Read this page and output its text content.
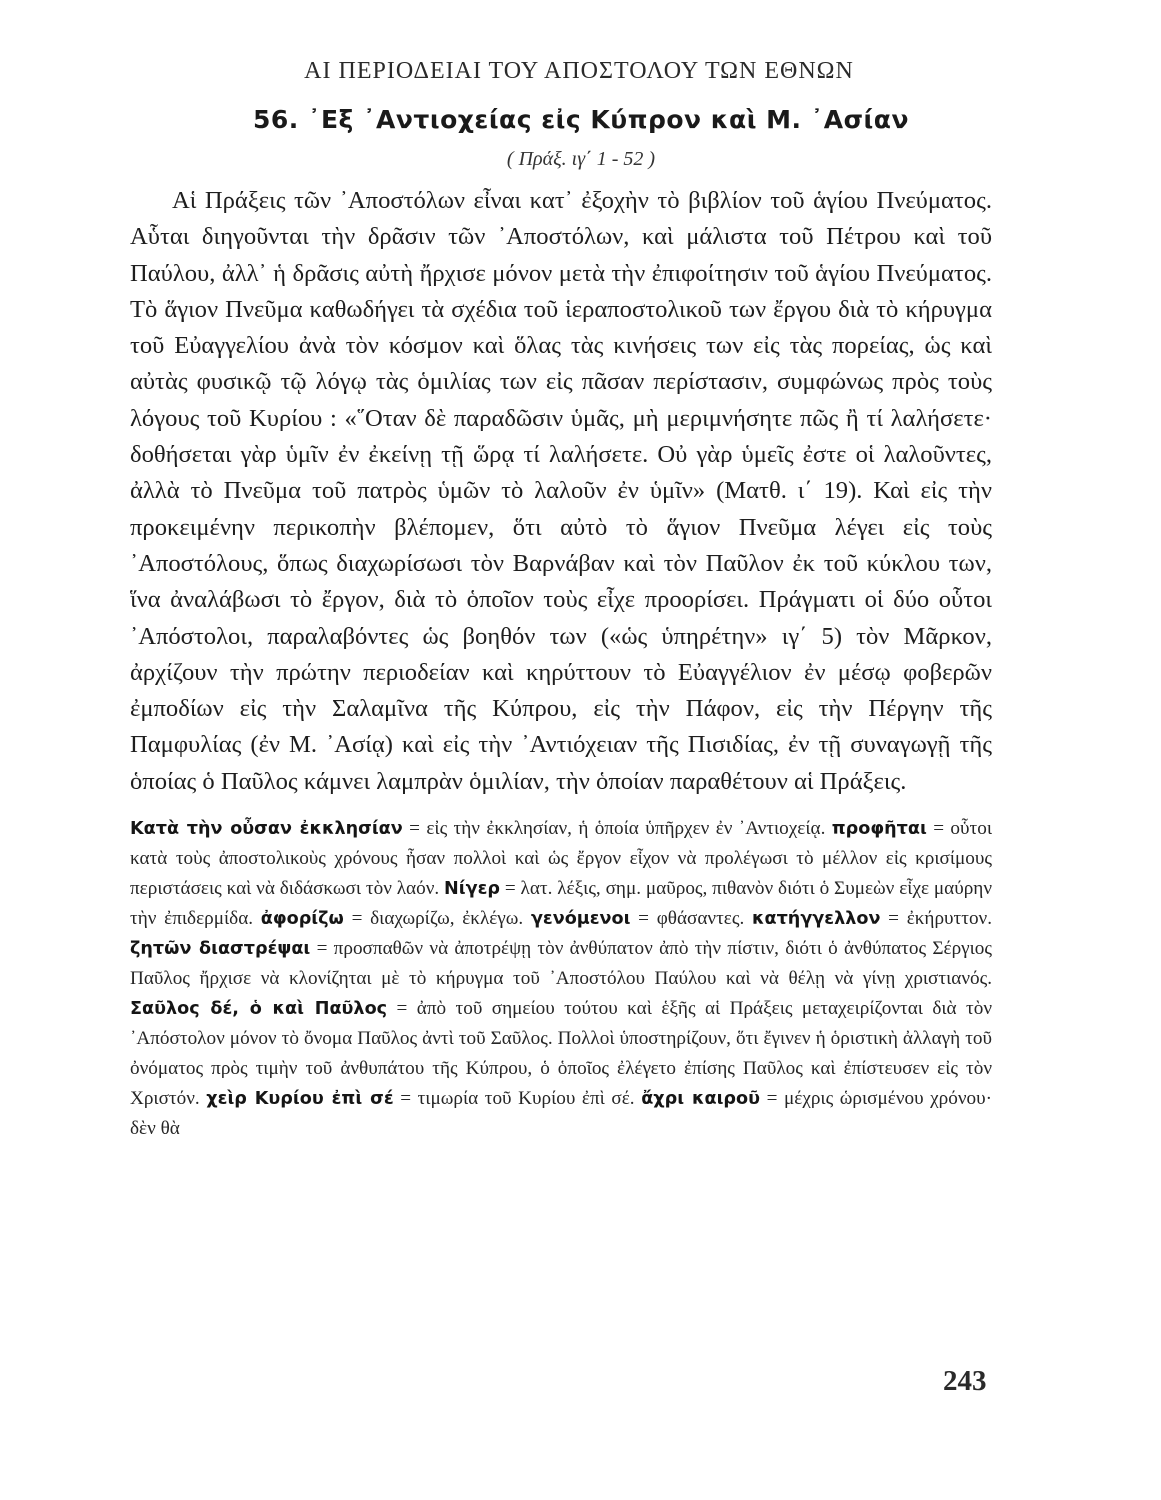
ΑΙ ΠΕΡΙΟΔΕΙΑΙ ΤΟΥ ΑΠΟΣΤΟΛΟΥ ΤΩΝ ΕΘΝΩΝ
56. ᾿Εξ ᾿Αντιοχείας εἰς Κύπρον καὶ Μ. ᾿Ασίαν
( Πράξ. ιγ΄ 1 - 52 )

Αἱ Πράξεις τῶν ᾿Αποστόλων εἶναι κατ᾿ ἐξοχὴν τὸ βιβλίον τοῦ ἁγίου Πνεύματος. Αὗται διηγοῦνται τὴν δρᾶσιν τῶν ᾿Αποστόλων, καὶ μάλιστα τοῦ Πέτρου καὶ τοῦ Παύλου, ἀλλ᾿ ἡ δρᾶσις αὐτὴ ἤρχισε μόνον μετὰ τὴν ἐπιφοίτησιν τοῦ ἁγίου Πνεύματος. Τὸ ἅγιον Πνεῦμα καθωδήγει τὰ σχέδια τοῦ ἱεραποστολικοῦ των ἔργου διὰ τὸ κήρυγμα τοῦ Εὐαγγελίου ἀνὰ τὸν κόσμον καὶ ὅλας τὰς κινήσεις των εἰς τὰς πορείας, ὡς καὶ αὐτὰς φυσικῷ τῷ λόγῳ τὰς ὁμιλίας των εἰς πᾶσαν περίστασιν, συμφώνως πρὸς τοὺς λόγους τοῦ Κυρίου : «῞Οταν δὲ παραδῶσιν ὑμᾶς, μὴ μεριμνήσητε πῶς ἢ τί λαλήσετε· δοθήσεται γὰρ ὑμῖν ἐν ἐκείνῃ τῇ ὥρᾳ τί λαλήσετε. Οὐ γὰρ ὑμεῖς ἐστε οἱ λαλοῦντες, ἀλλὰ τὸ Πνεῦμα τοῦ πατρὸς ὑμῶν τὸ λαλοῦν ἐν ὑμῖν» (Ματθ. ι΄ 19). Καὶ εἰς τὴν προκειμένην περικοπὴν βλέπομεν, ὅτι αὐτὸ τὸ ἅγιον Πνεῦμα λέγει εἰς τοὺς ᾿Αποστόλους, ὅπως διαχωρίσωσι τὸν Βαρνάβαν καὶ τὸν Παῦλον ἐκ τοῦ κύκλου των, ἵνα ἀναλάβωσι τὸ ἔργον, διὰ τὸ ὁποῖον τοὺς εἶχε προορίσει. Πράγματι οἱ δύο οὗτοι ᾿Απόστολοι, παραλαβόντες ὡς βοηθόν των («ὡς ὑπηρέτην» ιγ΄ 5) τὸν Μᾶρκον, ἀρχίζουν τὴν πρώτην περιοδείαν καὶ κηρύττουν τὸ Εὐαγγέλιον ἐν μέσῳ φοβερῶν ἐμποδίων εἰς τὴν Σαλαμῖνα τῆς Κύπρου, εἰς τὴν Πάφον, εἰς τὴν Πέργην τῆς Παμφυλίας (ἐν Μ. ᾿Ασίᾳ) καὶ εἰς τὴν ᾿Αντιόχειαν τῆς Πισιδίας, ἐν τῇ συναγωγῇ τῆς ὁποίας ὁ Παῦλος κάμνει λαμπρὰν ὁμιλίαν, τὴν ὁποίαν παραθέτουν αἱ Πράξεις.

Κατὰ τὴν οὖσαν ἐκκλησίαν = εἰς τὴν ἐκκλησίαν, ἡ ὁποία ὑπῆρχεν ἐν ᾿Αντιοχείᾳ. προφῆται = οὗτοι κατὰ τοὺς ἀποστολικοὺς χρόνους ἦσαν πολλοὶ καὶ ὡς ἔργον εἶχον νὰ προλέγωσι τὸ μέλλον εἰς κρισίμους περιστάσεις καὶ νὰ διδάσκωσι τὸν λαόν. Νίγερ = λατ. λέξις, σημ. μαῦρος, πιθανὸν διότι ὁ Συμεὼν εἶχε μαύρην τὴν ἐπιδερμίδα. ἀφορίζω = διαχωρίζω, ἐκλέγω. γενόμενοι = φθάσαντες. κατήγγελλον = ἐκήρυττον. ζητῶν διαστρέψαι = προσπαθῶν νὰ ἀποτρέψῃ τὸν ἀνθύπατον ἀπὸ τὴν πίστιν, διότι ὁ ἀνθύπατος Σέργιος Παῦλος ἤρχισε νὰ κλονίζηται μὲ τὸ κήρυγμα τοῦ ᾿Αποστόλου Παύλου καὶ νὰ θέλῃ νὰ γίνῃ χριστιανός. Σαῦλος δέ, ὁ καὶ Παῦλος = ἀπὸ τοῦ σημείου τούτου καὶ ἑξῆς αἱ Πράξεις μεταχειρίζονται διὰ τὸν ᾿Απόστολον μόνον τὸ ὄνομα Παῦλος ἀντὶ τοῦ Σαῦλος. Πολλοὶ ὑποστηρίζουν, ὅτι ἔγινεν ἡ ὁριστικὴ ἀλλαγὴ τοῦ ὀνόματος πρὸς τιμὴν τοῦ ἀνθυπάτου τῆς Κύπρου, ὁ ὁποῖος ἐλέγετο ἐπίσης Παῦλος καὶ ἐπίστευσεν εἰς τὸν Χριστόν. χεὶρ Κυρίου ἐπὶ σέ = τιμωρία τοῦ Κυρίου ἐπὶ σέ. ἄχρι καιροῦ = μέχρις ὡρισμένου χρόνου· δὲν θὰ

243
